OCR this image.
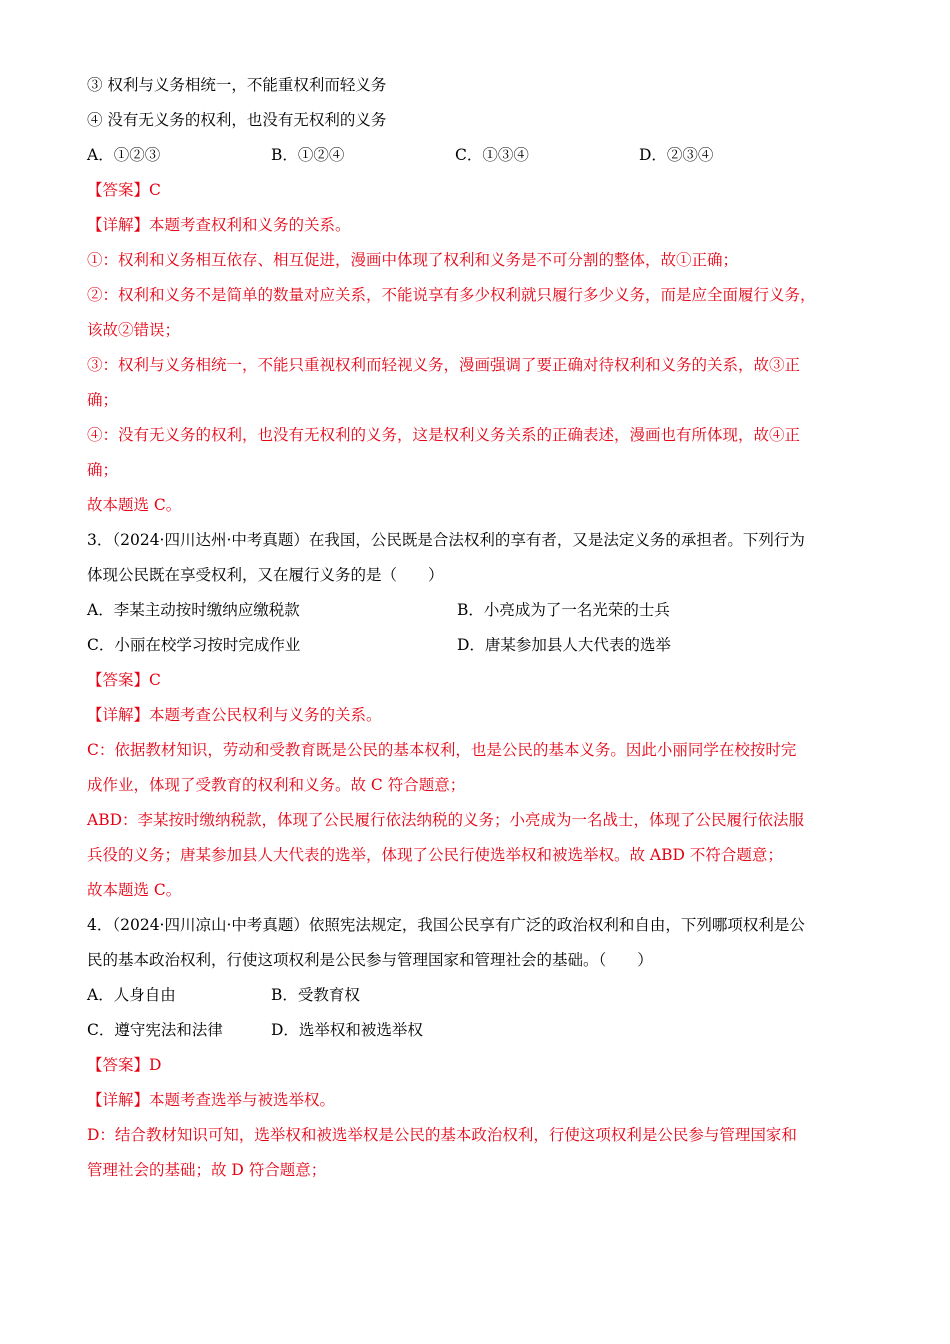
③ 权利与义务相统一，不能重权利而轻义务
④ 没有无义务的权利，也没有无权利的义务
A．①②③	B．①②④	C．①③④	D．②③④
【答案】C
【详解】本题考查权利和义务的关系。
①：权利和义务相互依存、相互促进，漫画中体现了权利和义务是不可分割的整体，故①正确；
②：权利和义务不是简单的数量对应关系，不能说享有多少权利就只履行多少义务，而是应全面履行义务，
该故②错误；
③：权利与义务相统一，不能只重视权利而轻视义务，漫画强调了要正确对待权利和义务的关系，故③正
确；
④：没有无义务的权利，也没有无权利的义务，这是权利义务关系的正确表述，漫画也有所体现，故④正
确；
故本题选 C。
3．（2024·四川达州·中考真题）在我国，公民既是合法权利的享有者，又是法定义务的承担者。下列行为
体现公民既在享受权利，又在履行义务的是（　　）
A．李某主动按时缴纳应缴税款	B．小亮成为了一名光荣的士兵
C．小丽在校学习按时完成作业	D．唐某参加县人大代表的选举
【答案】C
【详解】本题考查公民权利与义务的关系。
C：依据教材知识，劳动和受教育既是公民的基本权利，也是公民的基本义务。因此小丽同学在校按时完
成作业，体现了受教育的权利和义务。故 C 符合题意；
ABD：李某按时缴纳税款，体现了公民履行依法纳税的义务；小亮成为一名战士，体现了公民履行依法服
兵役的义务；唐某参加县人大代表的选举，体现了公民行使选举权和被选举权。故 ABD 不符合题意；
故本题选 C。
4．（2024·四川凉山·中考真题）依照宪法规定，我国公民享有广泛的政治权利和自由，下列哪项权利是公
民的基本政治权利，行使这项权利是公民参与管理国家和管理社会的基础。（　　）
A．人身自由	B．受教育权
C．遵守宪法和法律	D．选举权和被选举权
【答案】D
【详解】本题考查选举与被选举权。
D：结合教材知识可知，选举权和被选举权是公民的基本政治权利，行使这项权利是公民参与管理国家和
管理社会的基础；故 D 符合题意；
